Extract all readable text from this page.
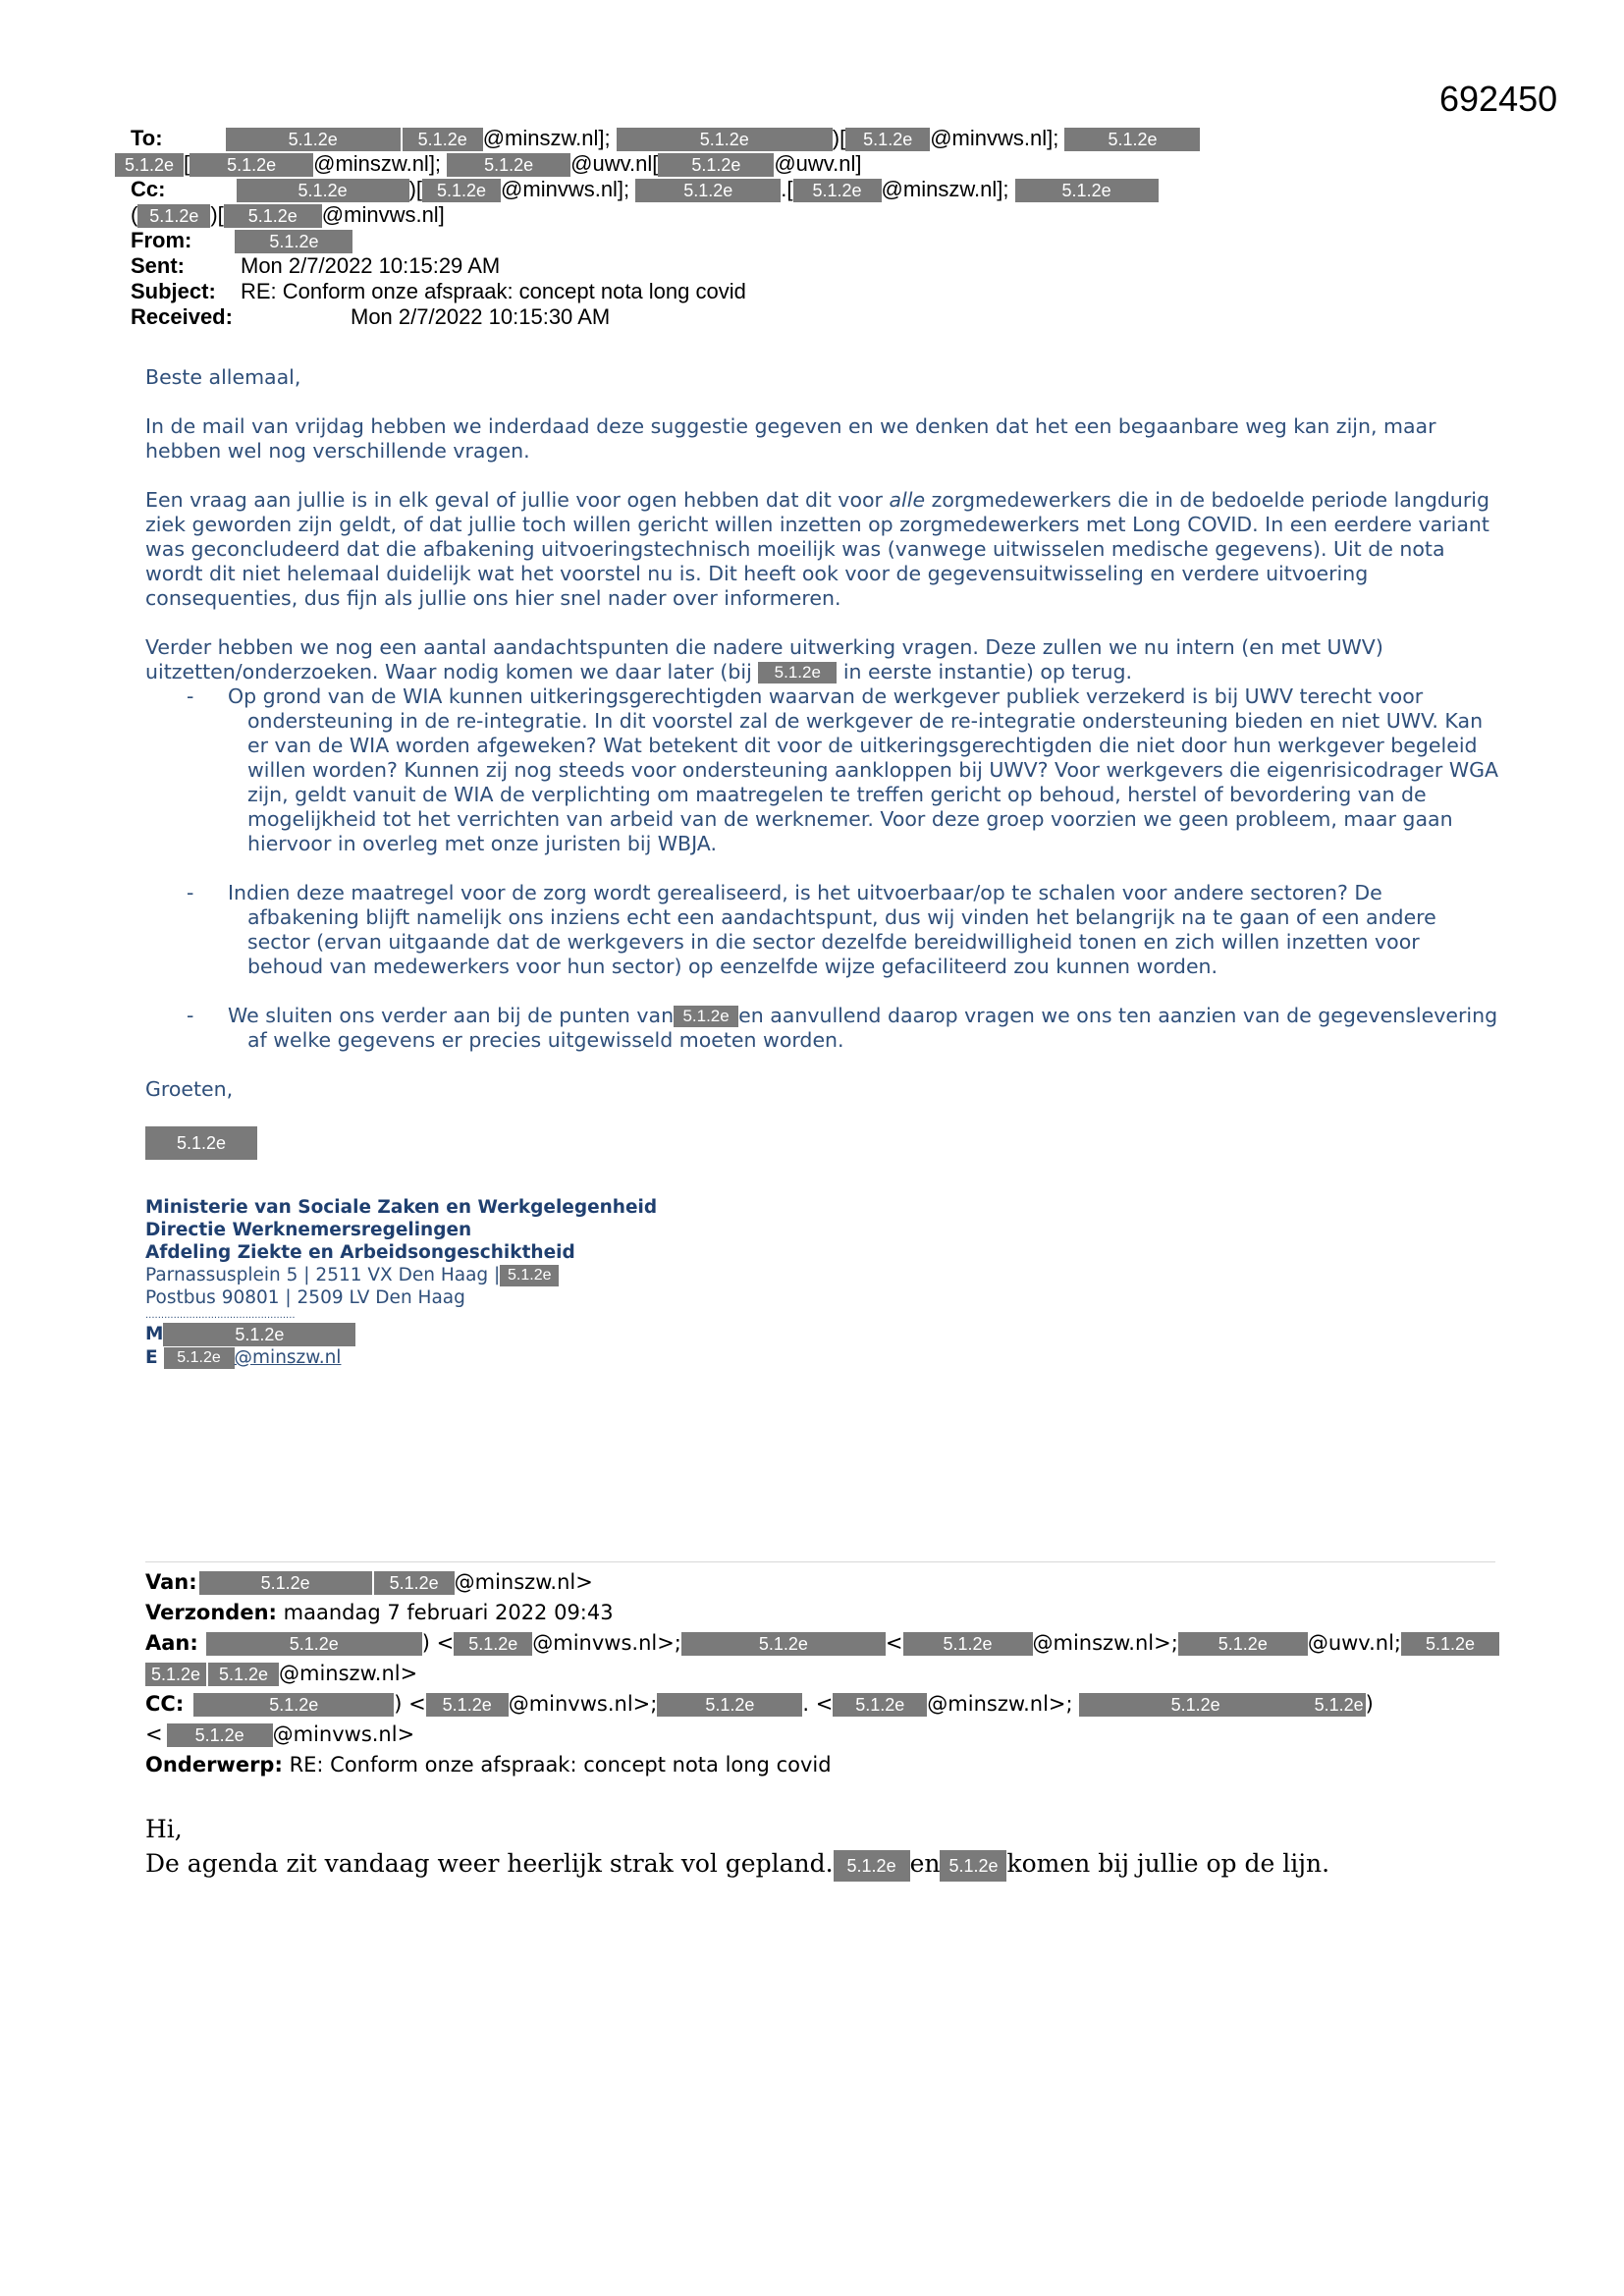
692450
To:	5.1.2e	5.1.2e @minszw.nl];	5.1.2e	)[ 5.1.2e @minvws.nl];	5.1.2e
5.1.2e [ 5.1.2e @minszw.nl]; 5.1.2e @uwv.nl[ 5.1.2e @uwv.nl]
Cc:	5.1.2e	)[ 5.1.2e @minvws.nl];	5.1.2e .[ 5.1.2e @minszw.nl];	5.1.2e
( 5.1.2e )[ 5.1.2e @minvws.nl]
From:	5.1.2e
Sent:	Mon 2/7/2022 10:15:29 AM
Subject: RE: Conform onze afspraak: concept nota long covid
Received:	Mon 2/7/2022 10:15:30 AM

Beste allemaal,

In de mail van vrijdag hebben we inderdaad deze suggestie gegeven en we denken dat het een begaanbare weg kan zijn, maar hebben wel nog verschillende vragen.

Een vraag aan jullie is in elk geval of jullie voor ogen hebben dat dit voor alle zorgmedewerkers die in de bedoelde periode langdurig ziek geworden zijn geldt, of dat jullie toch willen gericht willen inzetten op zorgmedewerkers met Long COVID. In een eerdere variant was geconcludeerd dat die afbakening uitvoeringstechnisch moeilijk was (vanwege uitwisselen medische gegevens). Uit de nota wordt dit niet helemaal duidelijk wat het voorstel nu is. Dit heeft ook voor de gegevensuitwisseling en verdere uitvoering consequenties, dus fijn als jullie ons hier snel nader over informeren.

Verder hebben we nog een aantal aandachtspunten die nadere uitwerking vragen. Deze zullen we nu intern (en met UWV) uitzetten/onderzoeken. Waar nodig komen we daar later (bij 5.1.2e in eerste instantie) op terug.

- Op grond van de WIA kunnen uitkeringsgerechtigden waarvan de werkgever publiek verzekerd is bij UWV terecht voor ondersteuning in de re-integratie. In dit voorstel zal de werkgever de re-integratie ondersteuning bieden en niet UWV. Kan er van de WIA worden afgeweken? Wat betekent dit voor de uitkeringsgerechtigden die niet door hun werkgever begeleid willen worden? Kunnen zij nog steeds voor ondersteuning aankloppen bij UWV? Voor werkgevers die eigenrisicodrager WGA zijn, geldt vanuit de WIA de verplichting om maatregelen te treffen gericht op behoud, herstel of bevordering van de mogelijkheid tot het verrichten van arbeid van de werknemer. Voor deze groep voorzien we geen probleem, maar gaan hiervoor in overleg met onze juristen bij WBJA.

- Indien deze maatregel voor de zorg wordt gerealiseerd, is het uitvoerbaar/op te schalen voor andere sectoren? De afbakening blijft namelijk ons inziens echt een aandachtspunt, dus wij vinden het belangrijk na te gaan of een andere sector (ervan uitgaande dat de werkgevers in die sector dezelfde bereidwilligheid tonen en zich willen inzetten voor behoud van medewerkers voor hun sector) op eenzelfde wijze gefaciliteerd zou kunnen worden.

- We sluiten ons verder aan bij de punten van 5.1.2e en aanvullend daarop vragen we ons ten aanzien van de gegevenslevering af welke gegevens er precies uitgewisseld moeten worden.

Groeten,

5.1.2e
Ministerie van Sociale Zaken en Werkgelegenheid
Directie Werknemersregelingen
Afdeling Ziekte en Arbeidsongeschiktheid
Parnassusplein 5 | 2511 VX Den Haag | 5.1.2e
Postbus 90801 | 2509 LV Den Haag
................................................
M	5.1.2e
E 5.1.2e @minszw.nl
Van:	5.1.2e	5.1.2e @minszw.nl>
Verzonden: maandag 7 februari 2022 09:43
Aan:	5.1.2e	) < 5.1.2e @minvws.nl>;	5.1.2e	< 5.1.2e @minszw.nl>; 5.1.2e @uwv.nl; 5.1.2e
5.1.2e 5.1.2e @minszw.nl>
CC:	5.1.2e	) < 5.1.2e @minvws.nl>;	5.1.2e . < 5.1.2e @minszw.nl>;	5.1.2e	5.1.2e)
< 5.1.2e @minvws.nl>
Onderwerp: RE: Conform onze afspraak: concept nota long covid
Hi,
De agenda zit vandaag weer heerlijk strak vol gepland. 5.1.2e en 5.1.2e komen bij jullie op de lijn.
